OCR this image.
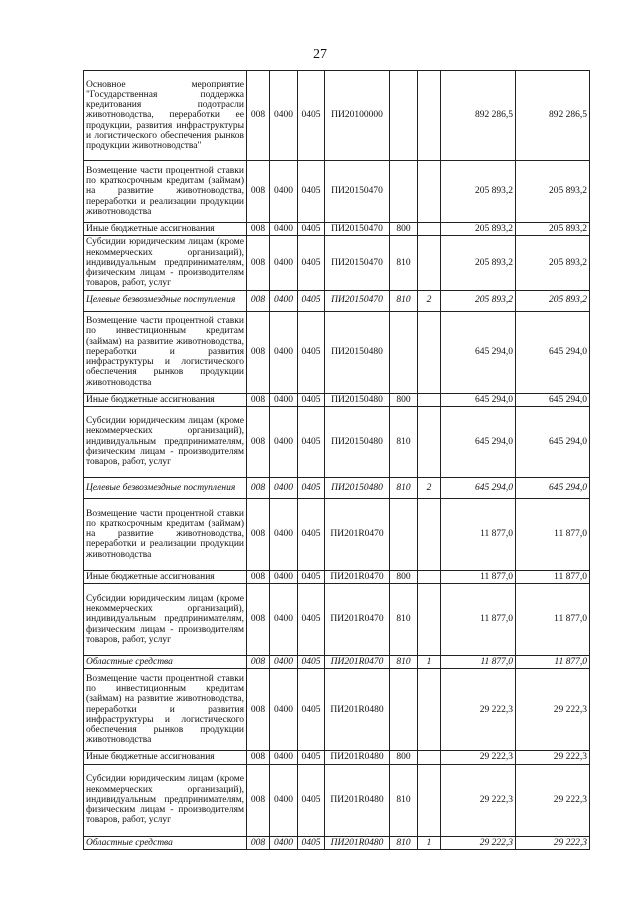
27
Основное мероприятие "Государственная поддержка кредитования подотрасли животноводства, переработки ее продукции, развития инфраструктуры и логистического обеспечения рынков продукции животноводства"	008	0400	0405	ПИ20100000			892 286,5	892 286,5
Возмещение части процентной ставки по краткосрочным кредитам (займам) на развитие животноводства, переработки и реализации продукции животноводства	008	0400	0405	ПИ20150470			205 893,2	205 893,2
Иные бюджетные ассигнования	008	0400	0405	ПИ20150470	800		205 893,2	205 893,2
Субсидии юридическим лицам (кроме некоммерческих организаций), индивидуальным предпринимателям, физическим лицам - производителям товаров, работ, услуг	008	0400	0405	ПИ20150470	810		205 893,2	205 893,2
Целевые безвозмездные поступления	008	0400	0405	ПИ20150470	810	2	205 893,2	205 893,2
Возмещение части процентной ставки по инвестиционным кредитам (займам) на развитие животноводства, переработки и развития инфраструктуры и логистического обеспечения рынков продукции животноводства	008	0400	0405	ПИ20150480			645 294,0	645 294,0
Иные бюджетные ассигнования	008	0400	0405	ПИ20150480	800		645 294,0	645 294,0
Субсидии юридическим лицам (кроме некоммерческих организаций), индивидуальным предпринимателям, физическим лицам - производителям товаров, работ, услуг	008	0400	0405	ПИ20150480	810		645 294,0	645 294,0
Целевые безвозмездные поступления	008	0400	0405	ПИ20150480	810	2	645 294,0	645 294,0
Возмещение части процентной ставки по краткосрочным кредитам (займам) на развитие животноводства, переработки и реализации продукции животноводства	008	0400	0405	ПИ201R0470			11 877,0	11 877,0
Иные бюджетные ассигнования	008	0400	0405	ПИ201R0470	800		11 877,0	11 877,0
Субсидии юридическим лицам (кроме некоммерческих организаций), индивидуальным предпринимателям, физическим лицам - производителям товаров, работ, услуг	008	0400	0405	ПИ201R0470	810		11 877,0	11 877,0
Областные средства	008	0400	0405	ПИ201R0470	810	1	11 877,0	11 877,0
Возмещение части процентной ставки по инвестиционным кредитам (займам) на развитие животноводства, переработки и развития инфраструктуры и логистического обеспечения рынков продукции животноводства	008	0400	0405	ПИ201R0480			29 222,3	29 222,3
Иные бюджетные ассигнования	008	0400	0405	ПИ201R0480	800		29 222,3	29 222,3
Субсидии юридическим лицам (кроме некоммерческих организаций), индивидуальным предпринимателям, физическим лицам - производителям товаров, работ, услуг	008	0400	0405	ПИ201R0480	810		29 222,3	29 222,3
Областные средства	008	0400	0405	ПИ201R0480	810	1	29 222,3	29 222,3
